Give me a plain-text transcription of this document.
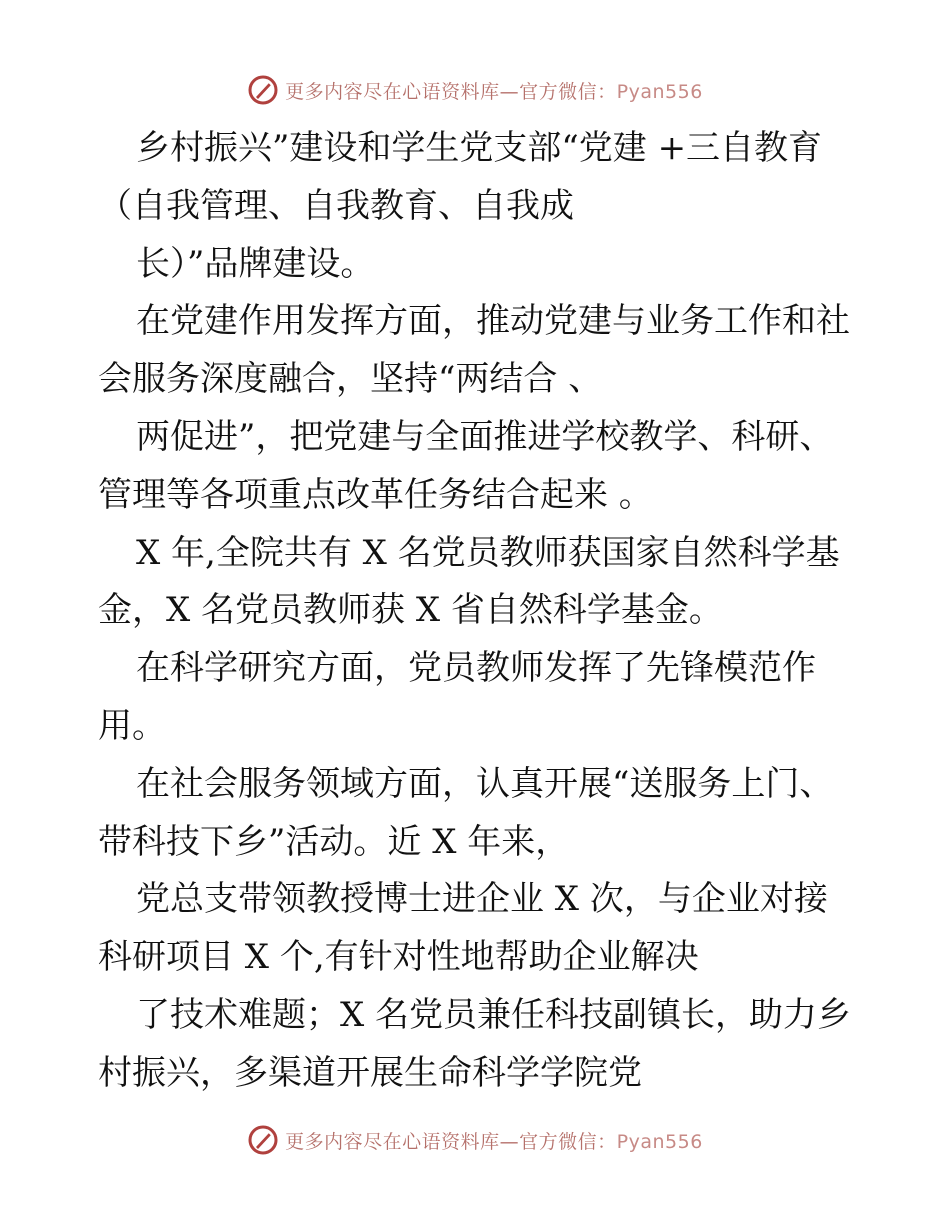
更多内容尽在心语资料库—官方微信：Pyan556
乡村振兴”建设和学生党支部“党建 +三自教育
（自我管理、自我教育、自我成
长）”品牌建设。
在党建作用发挥方面，推动党建与业务工作和社
会服务深度融合，坚持“两结合 、
两促进”，把党建与全面推进学校教学、科研、
管理等各项重点改革任务结合起来 。
X 年,全院共有 X 名党员教师获国家自然科学基
金，X 名党员教师获 X 省自然科学基金。
在科学研究方面，党员教师发挥了先锋模范作
用。
在社会服务领域方面，认真开展“送服务上门、
带科技下乡”活动。近 X 年来，
党总支带领教授博士进企业 X 次，与企业对接
科研项目 X 个,有针对性地帮助企业解决
了技术难题；X 名党员兼任科技副镇长，助力乡
村振兴，多渠道开展生命科学学院党
更多内容尽在心语资料库—官方微信：Pyan556
